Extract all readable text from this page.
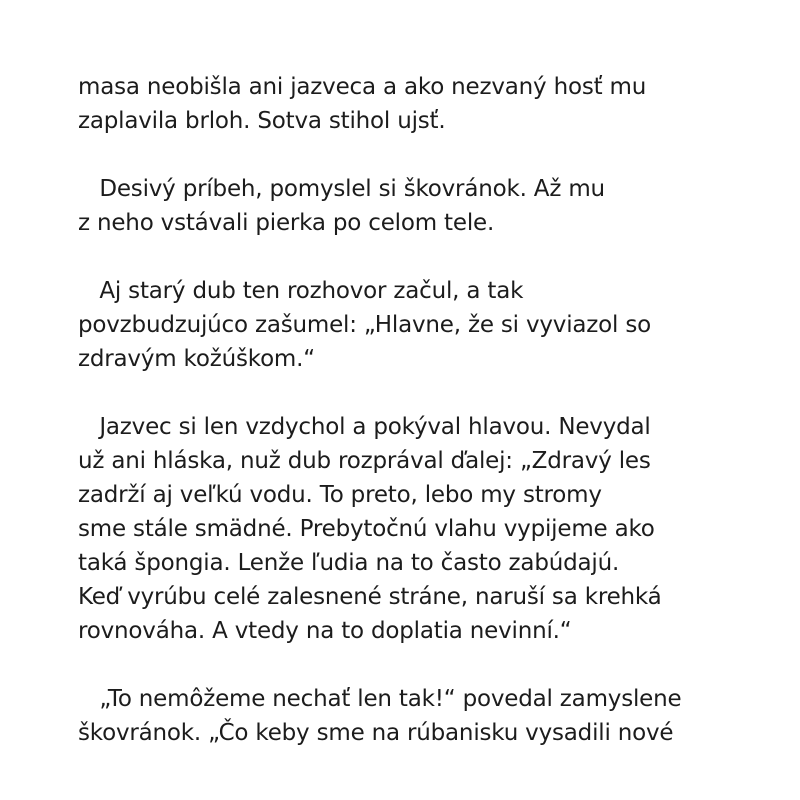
masa neobišla ani jazveca a ako nezvaný hosť mu
zaplavila brloh. Sotva stihol ujsť.
Desivý príbeh, pomyslel si škovránok. Až mu
z neho vstávali pierka po celom tele.
Aj starý dub ten rozhovor začul, a tak
povzbudzujúco zašumel: „Hlavne, že si vyviazol so
zdravým kožúškom.“
Jazvec si len vzdychol a pokýval hlavou. Nevydal
už ani hláska, nuž dub rozprával ďalej: „Zdravý les
zadrží aj veľkú vodu. To preto, lebo my stromy
sme stále smädné. Prebytočnú vlahu vypijeme ako
taká špongia. Lenže ľudia na to často zabúdajú.
Keď vyrúbu celé zalesnené stráne, naruší sa krehká
rovnováha. A vtedy na to doplatia nevinní.“
„To nemôžeme nechať len tak!“ povedal zamyslene
škovránok. „Čo keby sme na rúbanisku vysadili nové
